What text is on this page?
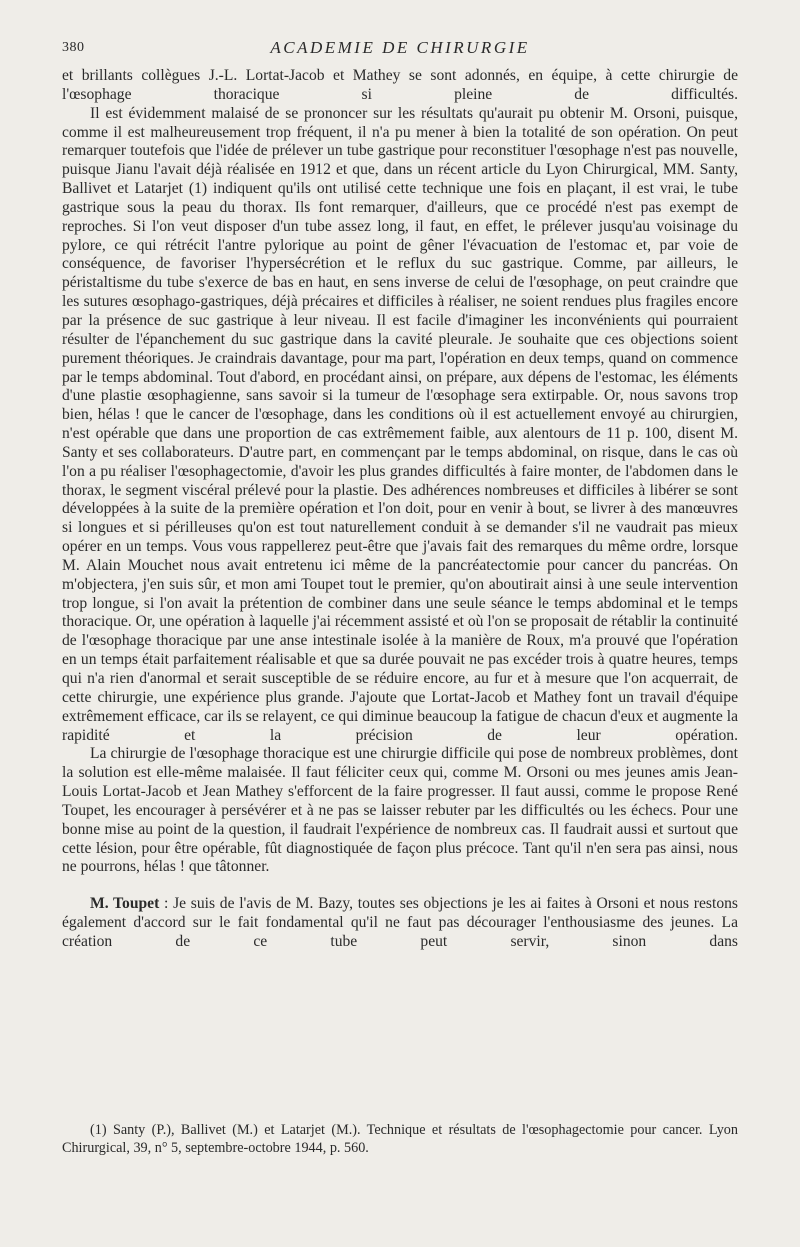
380	ACADEMIE DE CHIRURGIE

et brillants collègues J.-L. Lortat-Jacob et Mathey se sont adonnés, en équipe, à cette chirurgie de l'œsophage thoracique si pleine de difficultés.

Il est évidemment malaisé de se prononcer sur les résultats qu'aurait pu obtenir M. Orsoni, puisque, comme il est malheureusement trop fréquent, il n'a pu mener à bien la totalité de son opération. On peut remarquer toutefois que l'idée de prélever un tube gastrique pour reconstituer l'œsophage n'est pas nouvelle, puisque Jianu l'avait déjà réalisée en 1912 et que, dans un récent article du Lyon Chirurgical, MM. Santy, Ballivet et Latarjet (1) indiquent qu'ils ont utilisé cette technique une fois en plaçant, il est vrai, le tube gastrique sous la peau du thorax. Ils font remarquer, d'ailleurs, que ce procédé n'est pas exempt de reproches. Si l'on veut disposer d'un tube assez long, il faut, en effet, le prélever jusqu'au voisinage du pylore, ce qui rétrécit l'antre pylorique au point de gêner l'évacuation de l'estomac et, par voie de conséquence, de favoriser l'hypersécrétion et le reflux du suc gastrique. Comme, par ailleurs, le péristaltisme du tube s'exerce de bas en haut, en sens inverse de celui de l'œsophage, on peut craindre que les sutures œsophago-gastriques, déjà précaires et difficiles à réaliser, ne soient rendues plus fragiles encore par la présence de suc gastrique à leur niveau. Il est facile d'imaginer les inconvénients qui pourraient résulter de l'épanchement du suc gastrique dans la cavité pleurale. Je souhaite que ces objections soient purement théoriques. Je craindrais davantage, pour ma part, l'opération en deux temps, quand on commence par le temps abdominal. Tout d'abord, en procédant ainsi, on prépare, aux dépens de l'estomac, les éléments d'une plastie œsophagienne, sans savoir si la tumeur de l'œsophage sera extirpable. Or, nous savons trop bien, hélas ! que le cancer de l'œsophage, dans les conditions où il est actuellement envoyé au chirurgien, n'est opérable que dans une proportion de cas extrêmement faible, aux alentours de 11 p. 100, disent M. Santy et ses collaborateurs. D'autre part, en commençant par le temps abdominal, on risque, dans le cas où l'on a pu réaliser l'œsophagectomie, d'avoir les plus grandes difficultés à faire monter, de l'abdomen dans le thorax, le segment viscéral prélevé pour la plastie. Des adhérences nombreuses et difficiles à libérer se sont développées à la suite de la première opération et l'on doit, pour en venir à bout, se livrer à des manœuvres si longues et si périlleuses qu'on est tout naturellement conduit à se demander s'il ne vaudrait pas mieux opérer en un temps. Vous vous rappellerez peut-être que j'avais fait des remarques du même ordre, lorsque M. Alain Mouchet nous avait entretenu ici même de la pancréatectomie pour cancer du pancréas. On m'objectera, j'en suis sûr, et mon ami Toupet tout le premier, qu'on aboutirait ainsi à une seule intervention trop longue, si l'on avait la prétention de combiner dans une seule séance le temps abdominal et le temps thoracique. Or, une opération à laquelle j'ai récemment assisté et où l'on se proposait de rétablir la continuité de l'œsophage thoracique par une anse intestinale isolée à la manière de Roux, m'a prouvé que l'opération en un temps était parfaitement réalisable et que sa durée pouvait ne pas excéder trois à quatre heures, temps qui n'a rien d'anormal et serait susceptible de se réduire encore, au fur et à mesure que l'on acquerrait, de cette chirurgie, une expérience plus grande. J'ajoute que Lortat-Jacob et Mathey font un travail d'équipe extrêmement efficace, car ils se relayent, ce qui diminue beaucoup la fatigue de chacun d'eux et augmente la rapidité et la précision de leur opération.

La chirurgie de l'œsophage thoracique est une chirurgie difficile qui pose de nombreux problèmes, dont la solution est elle-même malaisée. Il faut féliciter ceux qui, comme M. Orsoni ou mes jeunes amis Jean-Louis Lortat-Jacob et Jean Mathey s'efforcent de la faire progresser. Il faut aussi, comme le propose René Toupet, les encourager à persévérer et à ne pas se laisser rebuter par les difficultés ou les échecs. Pour une bonne mise au point de la question, il faudrait l'expérience de nombreux cas. Il faudrait aussi et surtout que cette lésion, pour être opérable, fût diagnostiquée de façon plus précoce. Tant qu'il n'en sera pas ainsi, nous ne pourrons, hélas ! que tâtonner.

M. Toupet : Je suis de l'avis de M. Bazy, toutes ses objections je les ai faites à Orsoni et nous restons également d'accord sur le fait fondamental qu'il ne faut pas décourager l'enthousiasme des jeunes. La création de ce tube peut servir, sinon dans

(1) Santy (P.), Ballivet (M.) et Latarjet (M.). Technique et résultats de l'œsophagectomie pour cancer. Lyon Chirurgical, 39, n° 5, septembre-octobre 1944, p. 560.
